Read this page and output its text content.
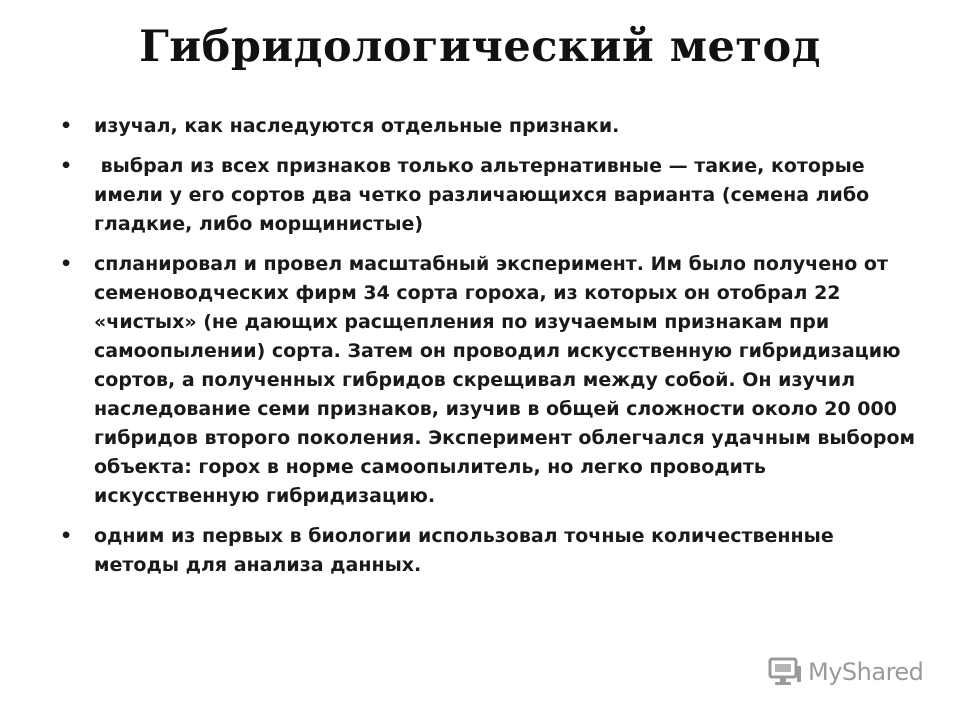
Гибридологический метод
• изучал, как наследуются отдельные признаки.
• выбрал из всех признаков только альтернативные — такие, которые имели у его сортов два четко различающихся варианта (семена либо гладкие, либо морщинистые)
• спланировал и провел масштабный эксперимент. Им было получено от семеноводческих фирм 34 сорта гороха, из которых он отобрал 22 «чистых» (не дающих расщепления по изучаемым признакам при самоопылении) сорта. Затем он проводил искусственную гибридизацию сортов, а полученных гибридов скрещивал между собой. Он изучил наследование семи признаков, изучив в общей сложности около 20 000 гибридов второго поколения. Эксперимент облегчался удачным выбором объекта: горох в норме самоопылитель, но легко проводить искусственную гибридизацию.
• одним из первых в биологии использовал точные количественные методы для анализа данных.
MyShared
